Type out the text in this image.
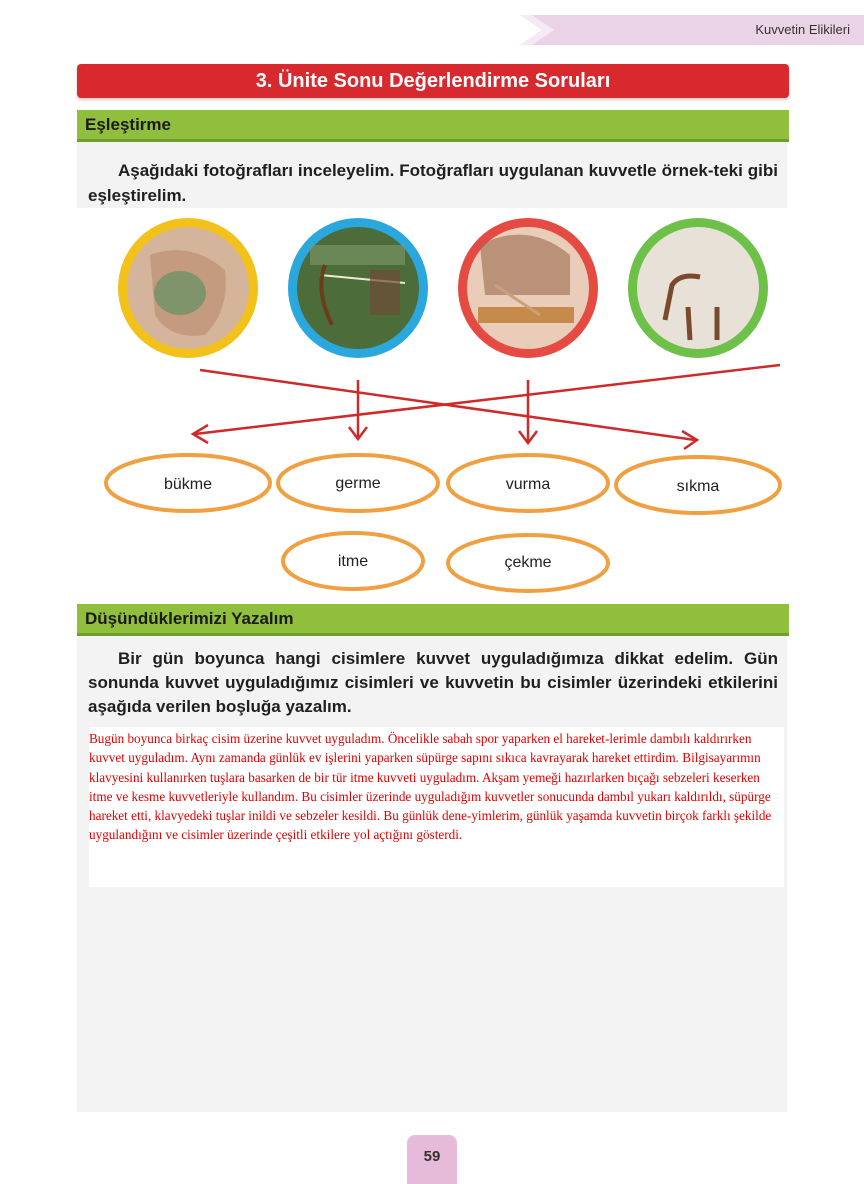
Kuvvetin Elikileri
3. Ünite Sonu Değerlendirme Soruları
Eşleştirme
Aşağıdaki fotoğrafları inceleyelim. Fotoğrafları uygulanan kuvvetle örnek-teki gibi eşleştirelim.
bükme	germe	vurma	sıkma
itme	çekme
Düşündüklerimizi Yazalım
Bir gün boyunca hangi cisimlere kuvvet uyguladığımıza dikkat edelim. Gün sonunda kuvvet uyguladığımız cisimleri ve kuvvetin bu cisimler üzerindeki etkilerini aşağıda verilen boşluğa yazalım.

Bugün boyunca birkaç cisim üzerine kuvvet uyguladım. Öncelikle sabah spor yaparken el hareket-lerimle dambılı kaldırırken kuvvet uyguladım. Aynı zamanda günlük ev işlerini yaparken süpürge sapını sıkıca kavrayarak hareket ettirdim. Bilgisayarımın klavyesini kullanırken tuşlara basarken de bir tür itme kuvveti uyguladım. Akşam yemeği hazırlarken bıçağı sebzeleri keserken itme ve kesme kuvvetleriyle kullandım. Bu cisimler üzerinde uyguladığım kuvvetler sonucunda dambıl yukarı kaldırıldı, süpürge hareket etti, klavyedeki tuşlar inildi ve sebzeler kesildi. Bu günlük dene-yimlerim, günlük yaşamda kuvvetin birçok farklı şekilde uygulandığını ve cisimler üzerinde çeşitli etkilere yol açtığını gösterdi.

59
